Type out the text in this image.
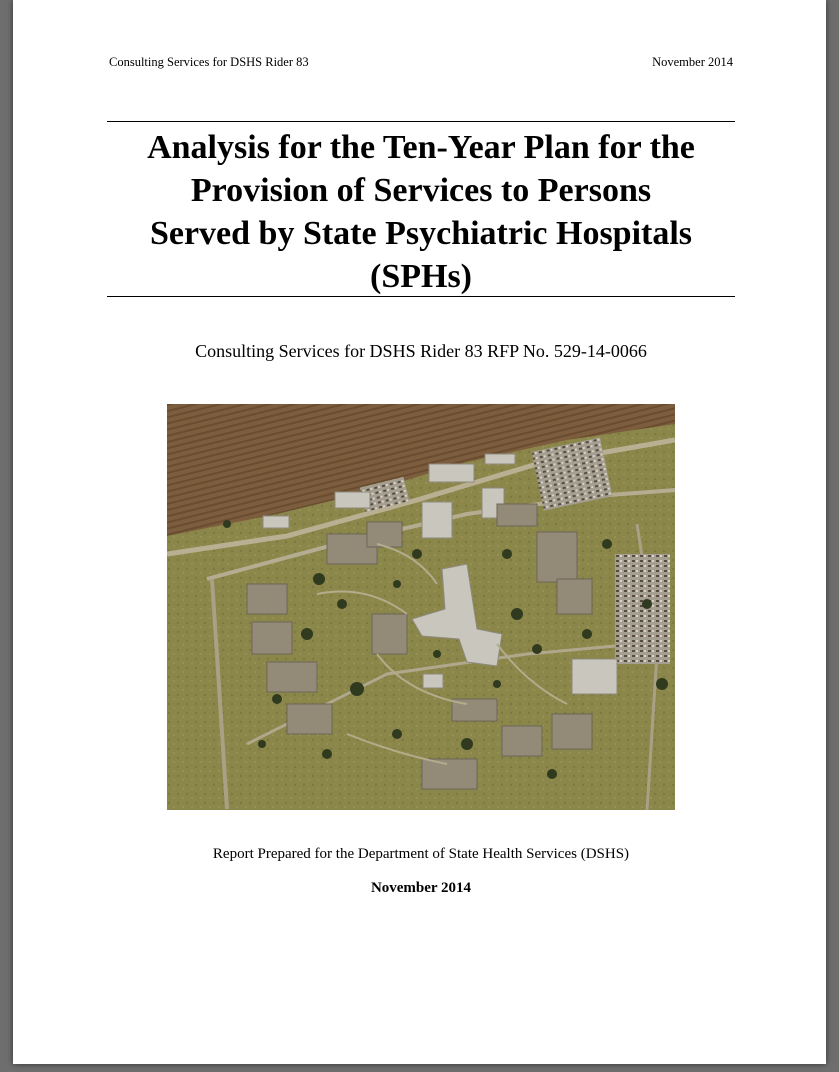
Consulting Services for DSHS Rider 83	November 2014
Analysis for the Ten-Year Plan for the
Provision of Services to Persons
Served by State Psychiatric Hospitals
(SPHs)
Consulting Services for DSHS Rider 83 RFP No. 529-14-0066
Report Prepared for the Department of State Health Services (DSHS)
November 2014
